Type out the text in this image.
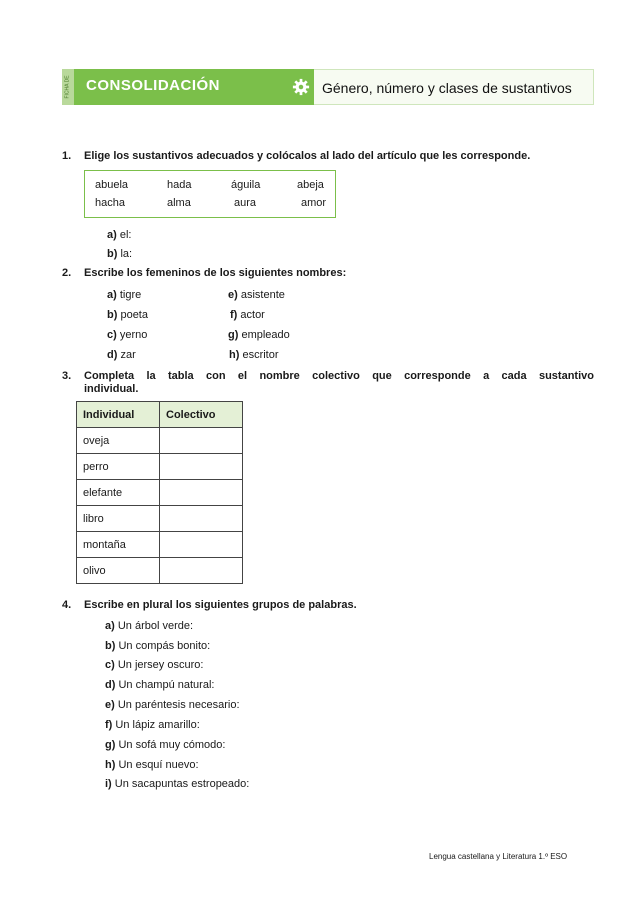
FICHA DE CONSOLIDACIÓN	Género, número y clases de sustantivos
1. Elige los sustantivos adecuados y colócalos al lado del artículo que les corresponde.
abuela	hada	águila	abeja
hacha	alma	aura	amor
a) el:
b) la:
2. Escribe los femeninos de los siguientes nombres:
a) tigre	e) asistente
b) poeta	f) actor
c) yerno	g) empleado
d) zar	h) escritor
3. Completa la tabla con el nombre colectivo que corresponde a cada sustantivo
individual.
Individual	Colectivo
oveja	
perro	
elefante	
libro	
montaña	
olivo	
4. Escribe en plural los siguientes grupos de palabras.
a) Un árbol verde:
b) Un compás bonito:
c) Un jersey oscuro:
d) Un champú natural:
e) Un paréntesis necesario:
f) Un lápiz amarillo:
g) Un sofá muy cómodo:
h) Un esquí nuevo:
i) Un sacapuntas estropeado:
Lengua castellana y Literatura 1.º ESO
